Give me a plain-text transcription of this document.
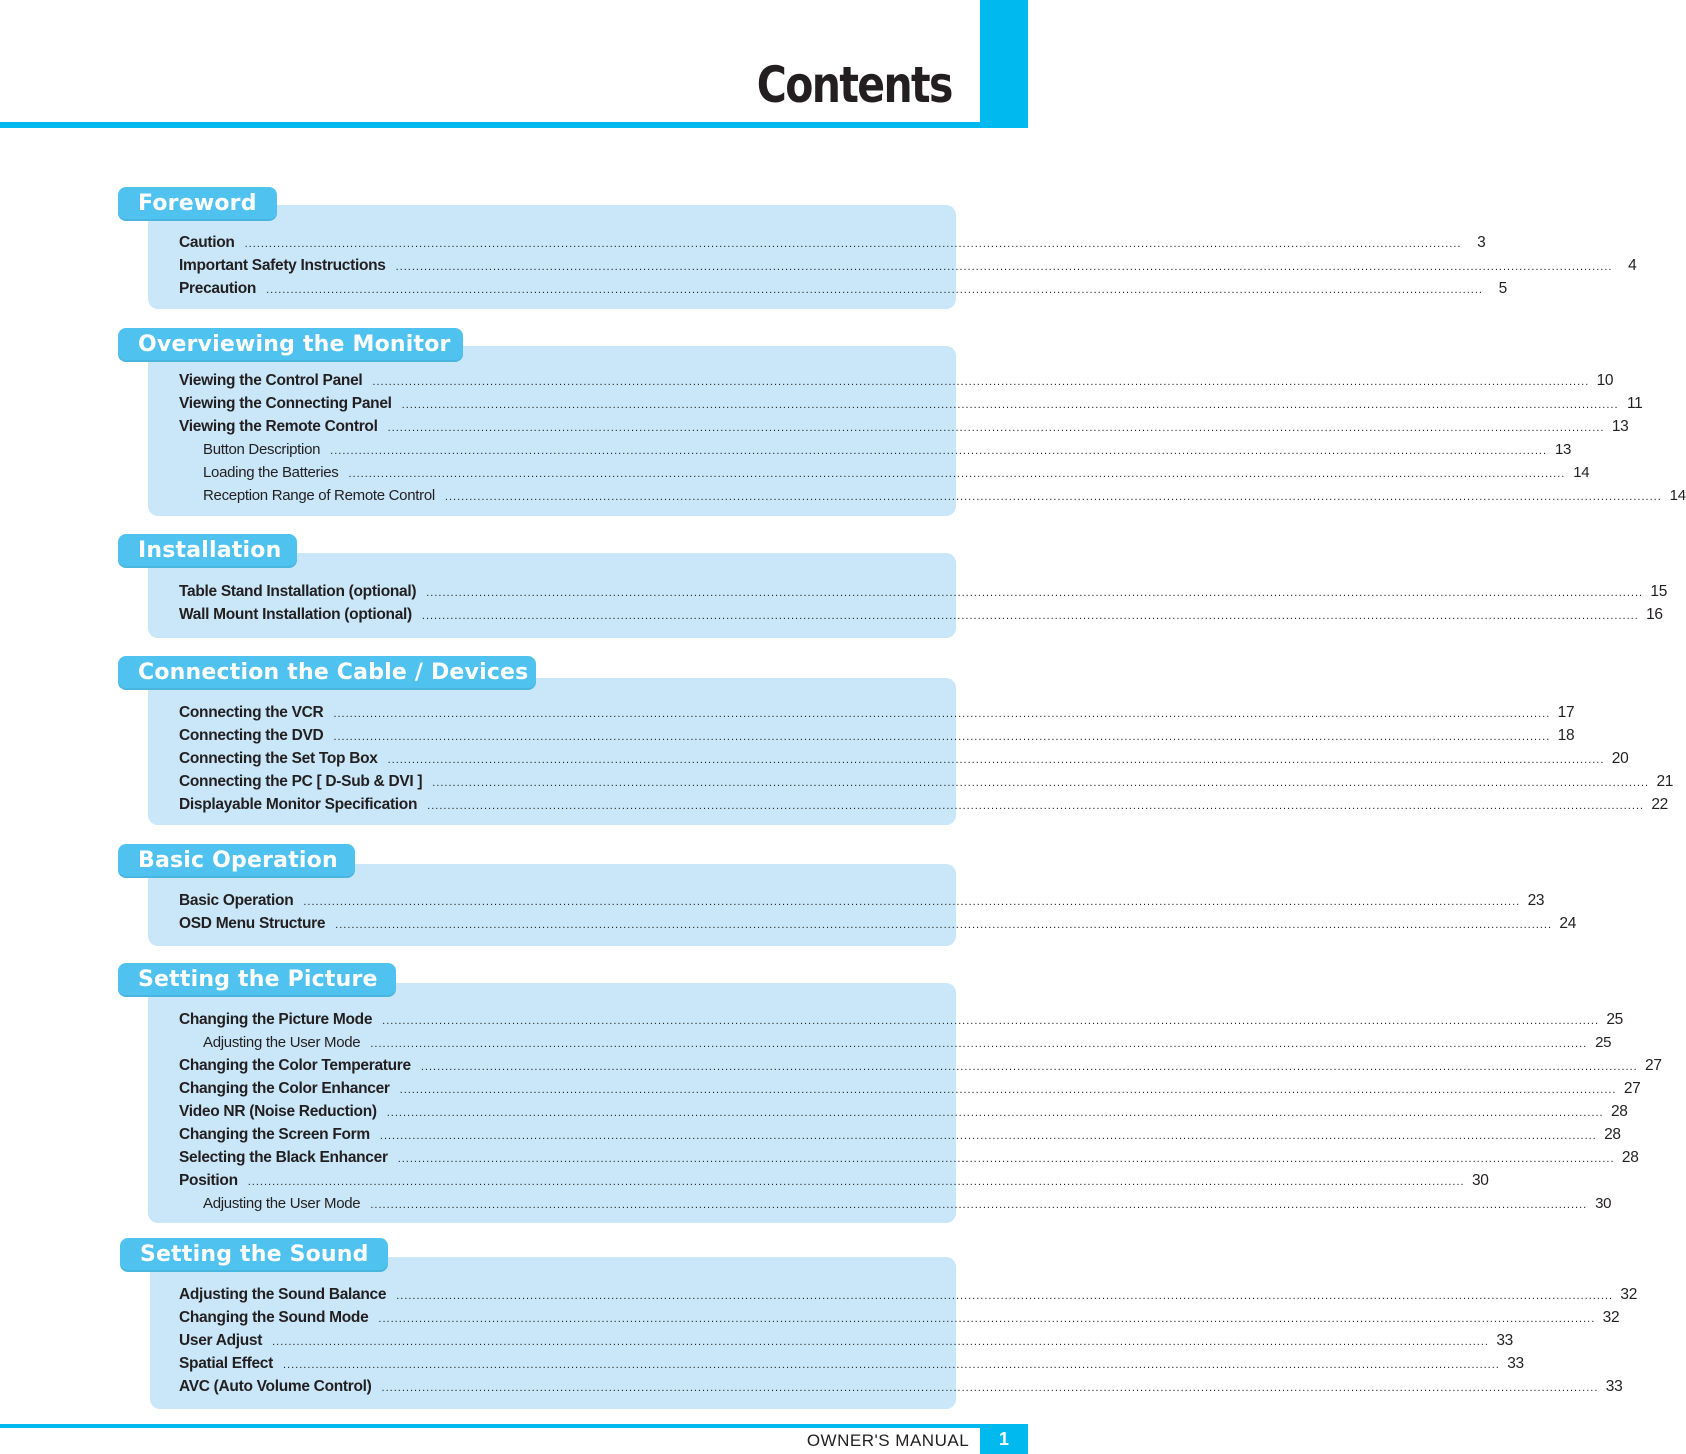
Contents
Foreword
Caution ............................................................................................................................................................................................................................................................................................................	3
Important Safety Instructions ............................................................................................................................................................................................................................................................................................................	4
Precaution ............................................................................................................................................................................................................................................................................................................	5
Overviewing the Monitor
Viewing the Control Panel ............................................................................................................................................................................................................................................................................................................ 10
Viewing the Connecting Panel ............................................................................................................................................................................................................................................................................................................ 11
Viewing the Remote Control ............................................................................................................................................................................................................................................................................................................ 13
Button Description ............................................................................................................................................................................................................................................................................................................ 13
Loading the Batteries ............................................................................................................................................................................................................................................................................................................ 14
Reception Range of Remote Control ............................................................................................................................................................................................................................................................................................................ 14
Installation
Table Stand Installation (optional) ............................................................................................................................................................................................................................................................................................................ 15
Wall Mount Installation (optional) ............................................................................................................................................................................................................................................................................................................ 16
Connection the Cable / Devices
Connecting the VCR ............................................................................................................................................................................................................................................................................................................ 17
Connecting the DVD ............................................................................................................................................................................................................................................................................................................ 18
Connecting the Set Top Box ............................................................................................................................................................................................................................................................................................................ 20
Connecting the PC [ D-Sub & DVI ] ............................................................................................................................................................................................................................................................................................................ 21
Displayable Monitor Specification ............................................................................................................................................................................................................................................................................................................ 22
Basic Operation
Basic Operation ............................................................................................................................................................................................................................................................................................................ 23
OSD Menu Structure ............................................................................................................................................................................................................................................................................................................ 24
Setting the Picture
Changing the Picture Mode ............................................................................................................................................................................................................................................................................................................ 25
Adjusting the User Mode ............................................................................................................................................................................................................................................................................................................ 25
Changing the Color Temperature ............................................................................................................................................................................................................................................................................................................ 27
Changing the Color Enhancer ............................................................................................................................................................................................................................................................................................................ 27
Video NR (Noise Reduction) ............................................................................................................................................................................................................................................................................................................ 28
Changing the Screen Form ............................................................................................................................................................................................................................................................................................................ 28
Selecting the Black Enhancer ............................................................................................................................................................................................................................................................................................................ 28
Position ............................................................................................................................................................................................................................................................................................................ 30
Adjusting the User Mode ............................................................................................................................................................................................................................................................................................................ 30
Setting the Sound
Adjusting the Sound Balance ............................................................................................................................................................................................................................................................................................................ 32
Changing the Sound Mode ............................................................................................................................................................................................................................................................................................................ 32
User Adjust ............................................................................................................................................................................................................................................................................................................ 33
Spatial Effect ............................................................................................................................................................................................................................................................................................................ 33
AVC (Auto Volume Control) ............................................................................................................................................................................................................................................................................................................ 33
OWNER'S MANUAL	1
